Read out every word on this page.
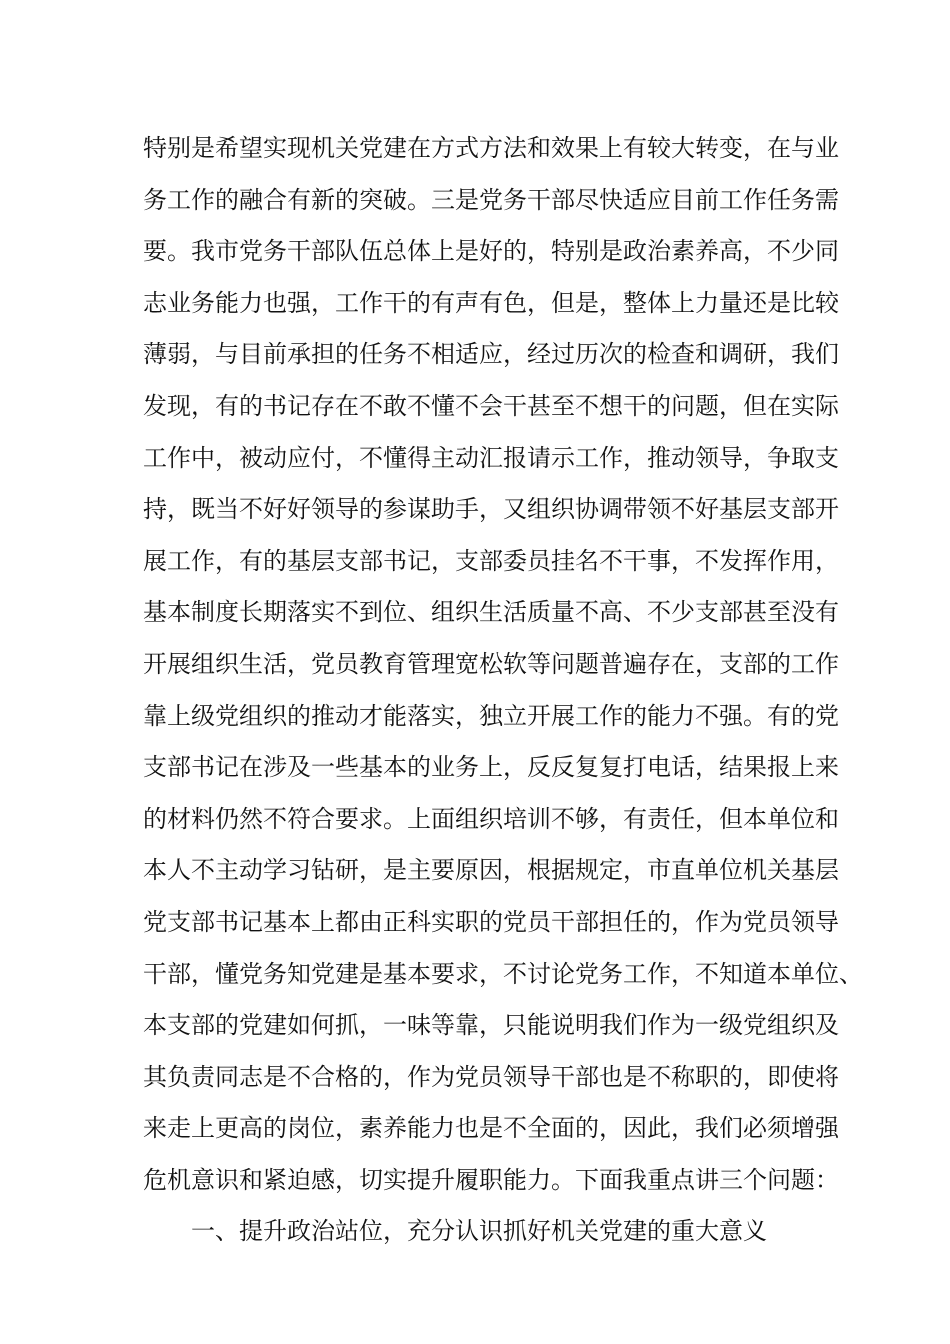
特别是希望实现机关党建在方式方法和效果上有较大转变，在与业
务工作的融合有新的突破。三是党务干部尽快适应目前工作任务需
要。我市党务干部队伍总体上是好的，特别是政治素养高，不少同
志业务能力也强，工作干的有声有色，但是，整体上力量还是比较
薄弱，与目前承担的任务不相适应，经过历次的检查和调研，我们
发现，有的书记存在不敢不懂不会干甚至不想干的问题，但在实际
工作中，被动应付，不懂得主动汇报请示工作，推动领导，争取支
持，既当不好好领导的参谋助手，又组织协调带领不好基层支部开
展工作，有的基层支部书记，支部委员挂名不干事，不发挥作用，
基本制度长期落实不到位、组织生活质量不高、不少支部甚至没有
开展组织生活，党员教育管理宽松软等问题普遍存在，支部的工作
靠上级党组织的推动才能落实，独立开展工作的能力不强。有的党
支部书记在涉及一些基本的业务上，反反复复打电话，结果报上来
的材料仍然不符合要求。上面组织培训不够，有责任，但本单位和
本人不主动学习钻研，是主要原因，根据规定，市直单位机关基层
党支部书记基本上都由正科实职的党员干部担任的，作为党员领导
干部，懂党务知党建是基本要求，不讨论党务工作，不知道本单位、
本支部的党建如何抓，一味等靠，只能说明我们作为一级党组织及
其负责同志是不合格的，作为党员领导干部也是不称职的，即使将
来走上更高的岗位，素养能力也是不全面的，因此，我们必须增强
危机意识和紧迫感，切实提升履职能力。下面我重点讲三个问题：
一、提升政治站位，充分认识抓好机关党建的重大意义
